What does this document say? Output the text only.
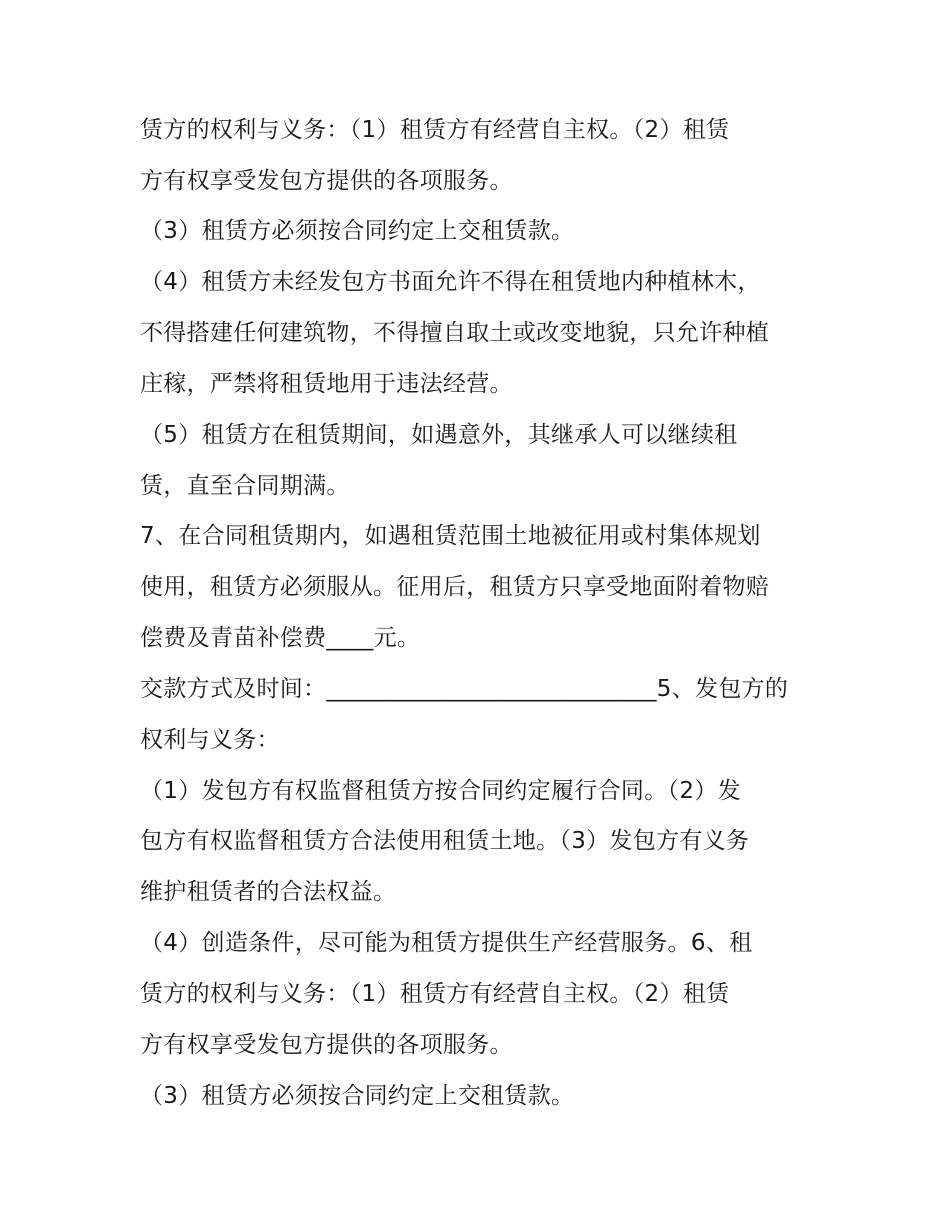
赁方的权利与义务：（1）租赁方有经营自主权。（2）租赁
方有权享受发包方提供的各项服务。
（3）租赁方必须按合同约定上交租赁款。
（4）租赁方未经发包方书面允许不得在租赁地内种植林木，
不得搭建任何建筑物，不得擅自取土或改变地貌，只允许种植
庄稼，严禁将租赁地用于违法经营。
（5）租赁方在租赁期间，如遇意外，其继承人可以继续租
赁，直至合同期满。
7、在合同租赁期内，如遇租赁范围土地被征用或村集体规划
使用，租赁方必须服从。征用后，租赁方只享受地面附着物赔
偿费及青苗补偿费____元。
交款方式及时间：____________________________5、发包方的
权利与义务：
（1）发包方有权监督租赁方按合同约定履行合同。（2）发
包方有权监督租赁方合法使用租赁土地。（3）发包方有义务
维护租赁者的合法权益。
（4）创造条件，尽可能为租赁方提供生产经营服务。6、租
赁方的权利与义务：（1）租赁方有经营自主权。（2）租赁
方有权享受发包方提供的各项服务。
（3）租赁方必须按合同约定上交租赁款。
